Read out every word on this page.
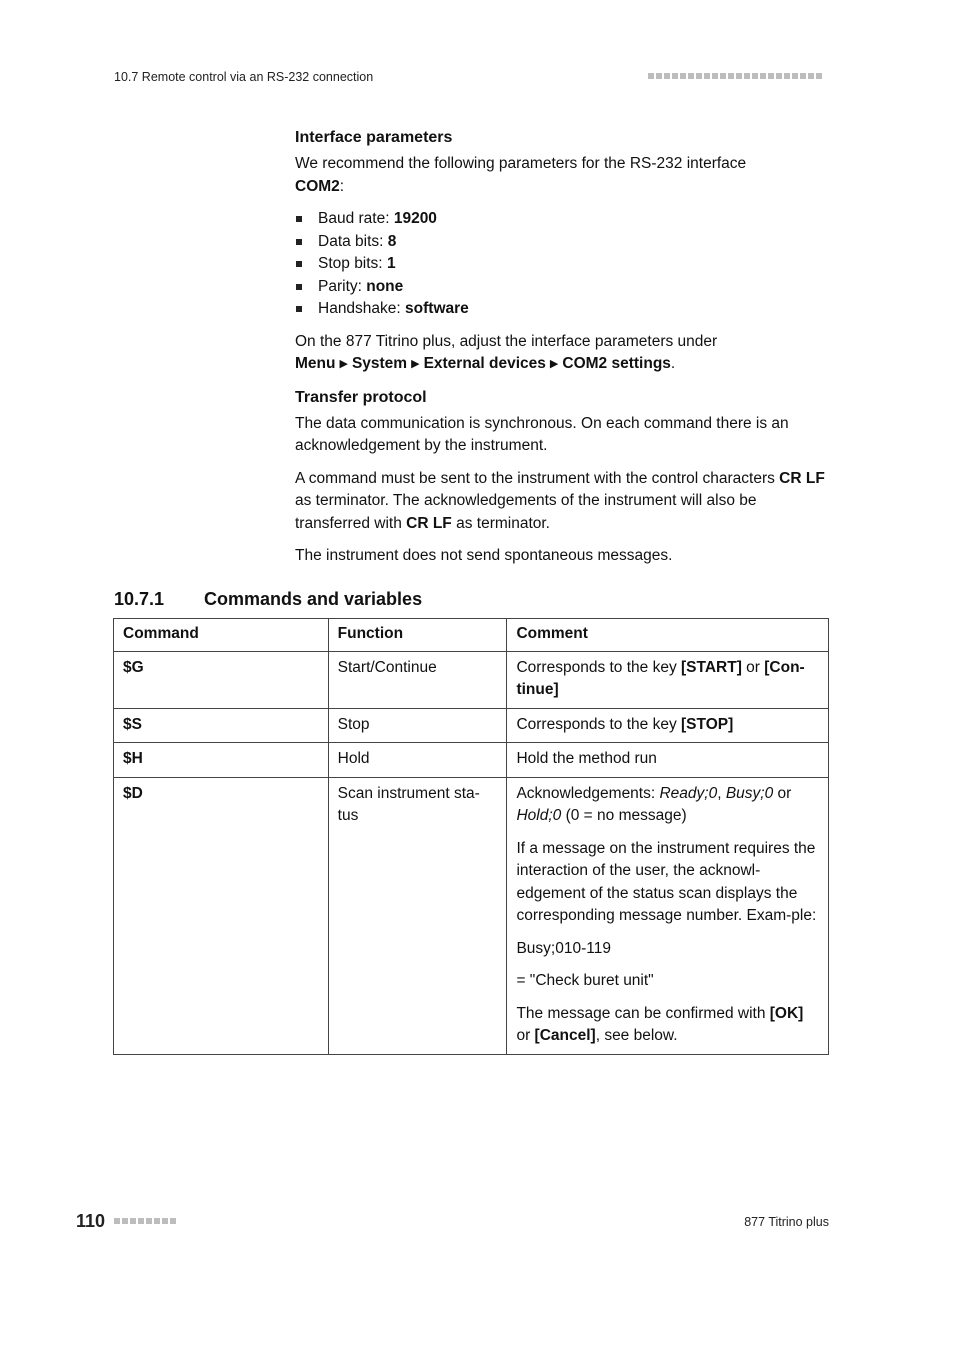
10.7 Remote control via an RS-232 connection
Interface parameters

We recommend the following parameters for the RS-232 interface
COM2:

Baud rate: 19200
Data bits: 8
Stop bits: 1
Parity: none
Handshake: software

On the 877 Titrino plus, adjust the interface parameters under
Menu ▶ System ▶ External devices ▶ COM2 settings.

Transfer protocol

The data communication is synchronous. On each command there is an acknowledgement by the instrument.

A command must be sent to the instrument with the control characters CR LF as terminator. The acknowledgements of the instrument will also be transferred with CR LF as terminator.

The instrument does not send spontaneous messages.

10.7.1 Commands and variables
Command	Function	Comment
$G	Start/Continue	Corresponds to the key [START] or [Con-tinue]
$S	Stop	Corresponds to the key [STOP]
$H	Hold	Hold the method run
$D	Scan instrument sta-tus	Acknowledgements: Ready;0, Busy;0 or Hold;0 (0 = no message)

If a message on the instrument requires the interaction of the user, the acknowl-edgement of the status scan displays the corresponding message number. Exam-ple:

Busy;010-119

= "Check buret unit"

The message can be confirmed with [OK] or [Cancel], see below.

110	877 Titrino plus
